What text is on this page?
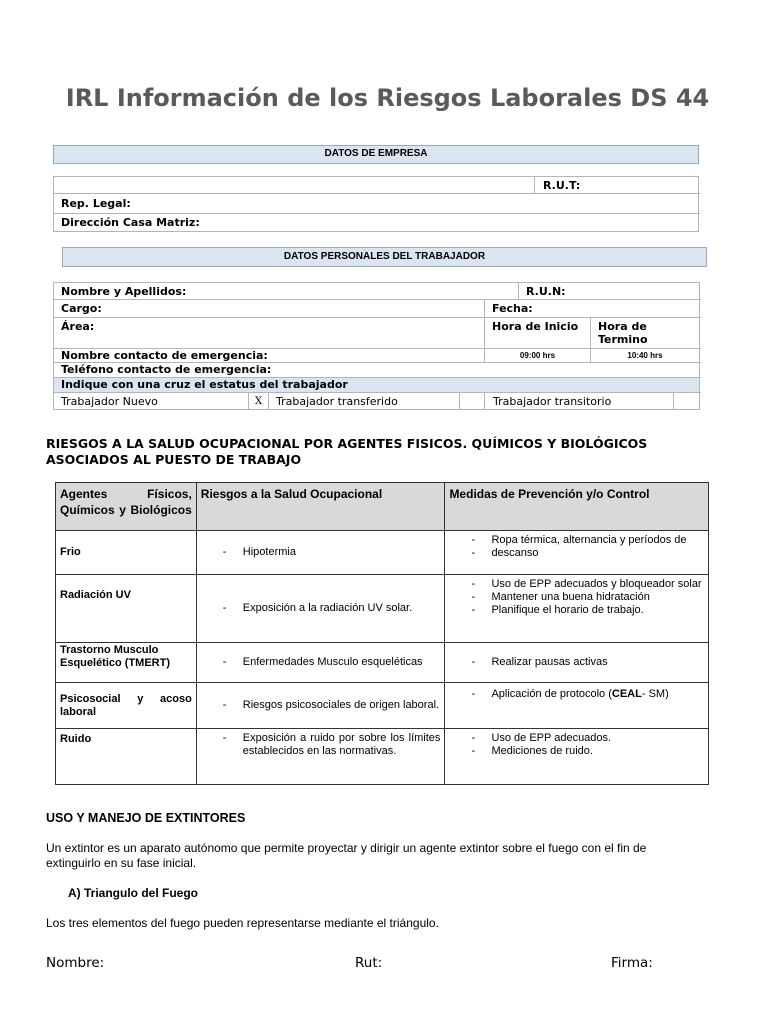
IRL Información de los Riesgos Laborales DS 44
DATOS DE EMPRESA
R.U.T:
Rep. Legal:
Dirección Casa Matriz:
DATOS PERSONALES DEL TRABAJADOR
Nombre y Apellidos:	R.U.N:
Cargo:	Fecha:
Área:	Hora de Inicio	Hora de Termino
Nombre contacto de emergencia:	09:00 hrs	10:40 hrs
Teléfono contacto de emergencia:
Indique con una cruz el estatus del trabajador
Trabajador Nuevo	X	Trabajador transferido	Trabajador transitorio
RIESGOS A LA SALUD OCUPACIONAL POR AGENTES FISICOS. QUÍMICOS Y BIOLÓGICOS ASOCIADOS AL PUESTO DE TRABAJO
Agentes Físicos, Químicos y Biológicos	Riesgos a la Salud Ocupacional	Medidas de Prevención y/o Control
Frio	- Hipotermia	- Ropa térmica, alternancia y períodos de
- descanso

Radiación UV	- Exposición a la radiación UV solar.	- Uso de EPP adecuados y bloqueador solar
- Mantener una buena hidratación
- Planifique el horario de trabajo.

Trastorno Musculo Esquelético (TMERT)	- Enfermedades Musculo esqueléticas	- Realizar pausas activas

Psicosocial y acoso laboral	- Riesgos psicosociales de origen laboral.	- Aplicación de protocolo (CEAL- SM)

Ruido	- Exposición a ruido por sobre los límites establecidos en las normativas.	- Uso de EPP adecuados.
- Mediciones de ruido.
USO Y MANEJO DE EXTINTORES
Un extintor es un aparato autónomo que permite proyectar y dirigir un agente extintor sobre el fuego con el fin de extinguirlo en su fase inicial.
A) Triangulo del Fuego
Los tres elementos del fuego pueden representarse mediante el triángulo.
Nombre:	Rut:	Firma:
